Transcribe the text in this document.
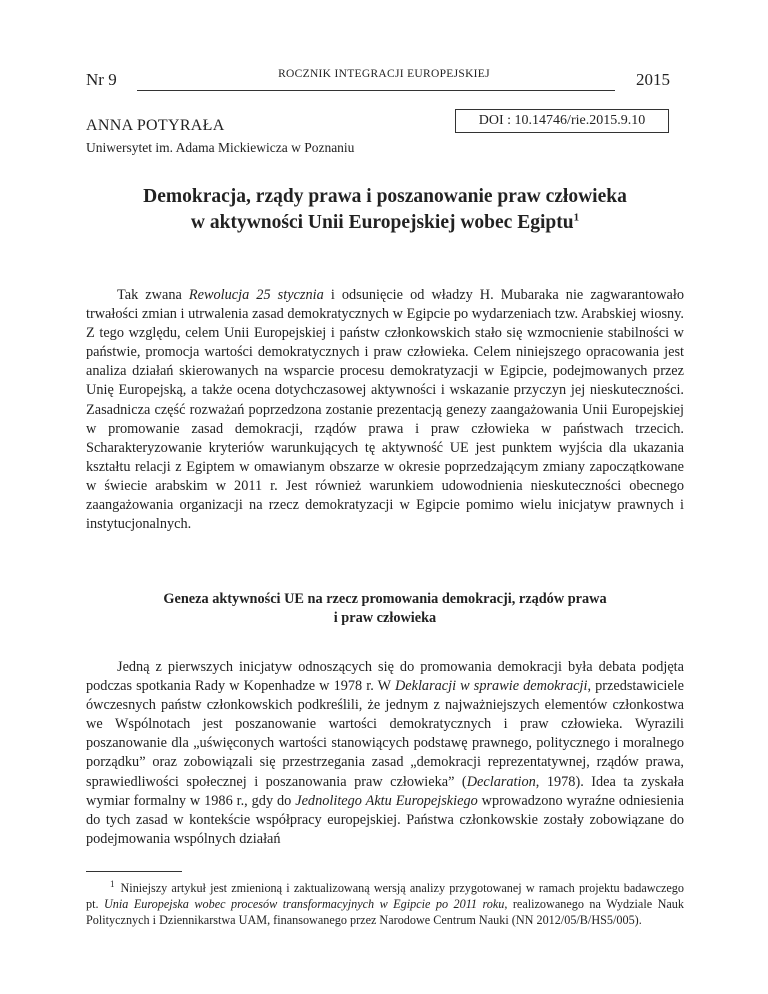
Nr 9	ROCZNIK INTEGRACJI EUROPEJSKIEJ	2015
ANNA POTYRAŁA	DOI : 10.14746/rie.2015.9.10
Uniwersytet im. Adama Mickiewicza w Poznaniu
Demokracja, rządy prawa i poszanowanie praw człowieka
w aktywności Unii Europejskiej wobec Egiptu$^1$

Tak zwana Rewolucja 25 stycznia i odsunięcie od władzy H. Mubaraka nie zagwarantowało trwałości zmian i utrwalenia zasad demokratycznych w Egipcie po wydarzeniach tzw. Arabskiej wiosny. Z tego względu, celem Unii Europejskiej i państw członkowskich stało się wzmocnienie stabilności w państwie, promocja wartości demokratycznych i praw człowieka. Celem niniejszego opracowania jest analiza działań skierowanych na wsparcie procesu demokratyzacji w Egipcie, podejmowanych przez Unię Europejską, a także ocena dotychczasowej aktywności i wskazanie przyczyn jej nieskuteczności. Zasadnicza część rozważań poprzedzona zostanie prezentacją genezy zaangażowania Unii Europejskiej w promowanie zasad demokracji, rządów prawa i praw człowieka w państwach trzecich. Scharakteryzowanie kryteriów warunkujących tę aktywność UE jest punktem wyjścia dla ukazania kształtu relacji z Egiptem w omawianym obszarze w okresie poprzedzającym zmiany zapoczątkowane w świecie arabskim w 2011 r. Jest również warunkiem udowodnienia nieskuteczności obecnego zaangażowania organizacji na rzecz demokratyzacji w Egipcie pomimo wielu inicjatyw prawnych i instytucjonalnych.

Geneza aktywności UE na rzecz promowania demokracji, rządów prawa
i praw człowieka

Jedną z pierwszych inicjatyw odnoszących się do promowania demokracji była debata podjęta podczas spotkania Rady w Kopenhadze w 1978 r. W Deklaracji w sprawie demokracji, przedstawiciele ówczesnych państw członkowskich podkreślili, że jednym z najważniejszych elementów członkostwa we Wspólnotach jest poszanowanie wartości demokratycznych i praw człowieka. Wyrazili poszanowanie dla „uświęconych wartości stanowiących podstawę prawnego, politycznego i moralnego porządku” oraz zobowiązali się przestrzegania zasad „demokracji reprezentatywnej, rządów prawa, sprawiedliwości społecznej i poszanowania praw człowieka” (Declaration, 1978). Idea ta zyskała wymiar formalny w 1986 r., gdy do Jednolitego Aktu Europejskiego wprowadzono wyraźne odniesienia do tych zasad w kontekście współpracy europejskiej. Państwa członkowskie zostały zobowiązane do podejmowania wspólnych działań

$^1$ Niniejszy artykuł jest zmienioną i zaktualizowaną wersją analizy przygotowanej w ramach projektu badawczego pt. Unia Europejska wobec procesów transformacyjnych w Egipcie po 2011 roku, realizowanego na Wydziale Nauk Politycznych i Dziennikarstwa UAM, finansowanego przez Narodowe Centrum Nauki (NN 2012/05/B/HS5/005).
